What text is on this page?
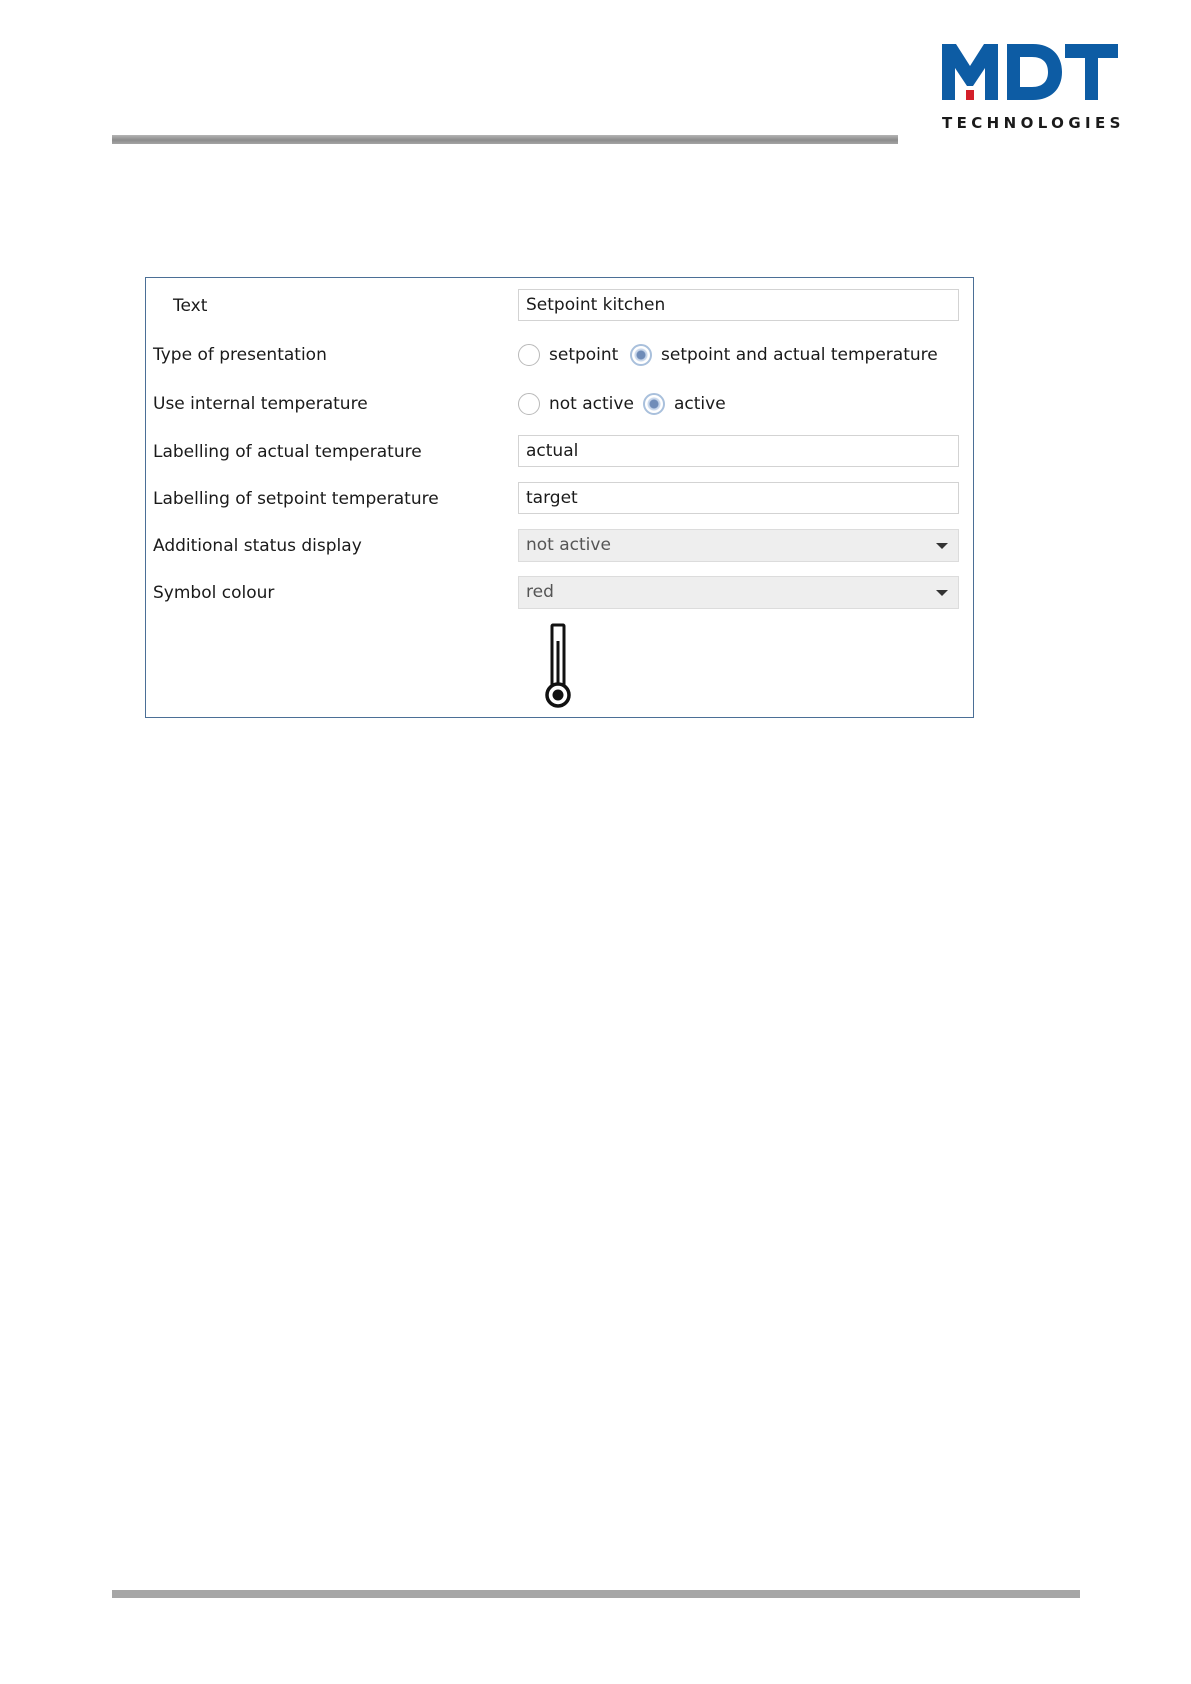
TECHNOLOGIES
Text	Setpoint kitchen
Type of presentation	setpoint	setpoint and actual temperature
Use internal temperature	not active active
Labelling of actual temperature	actual
Labelling of setpoint temperature	target
Additional status display	not active
Symbol colour	red
